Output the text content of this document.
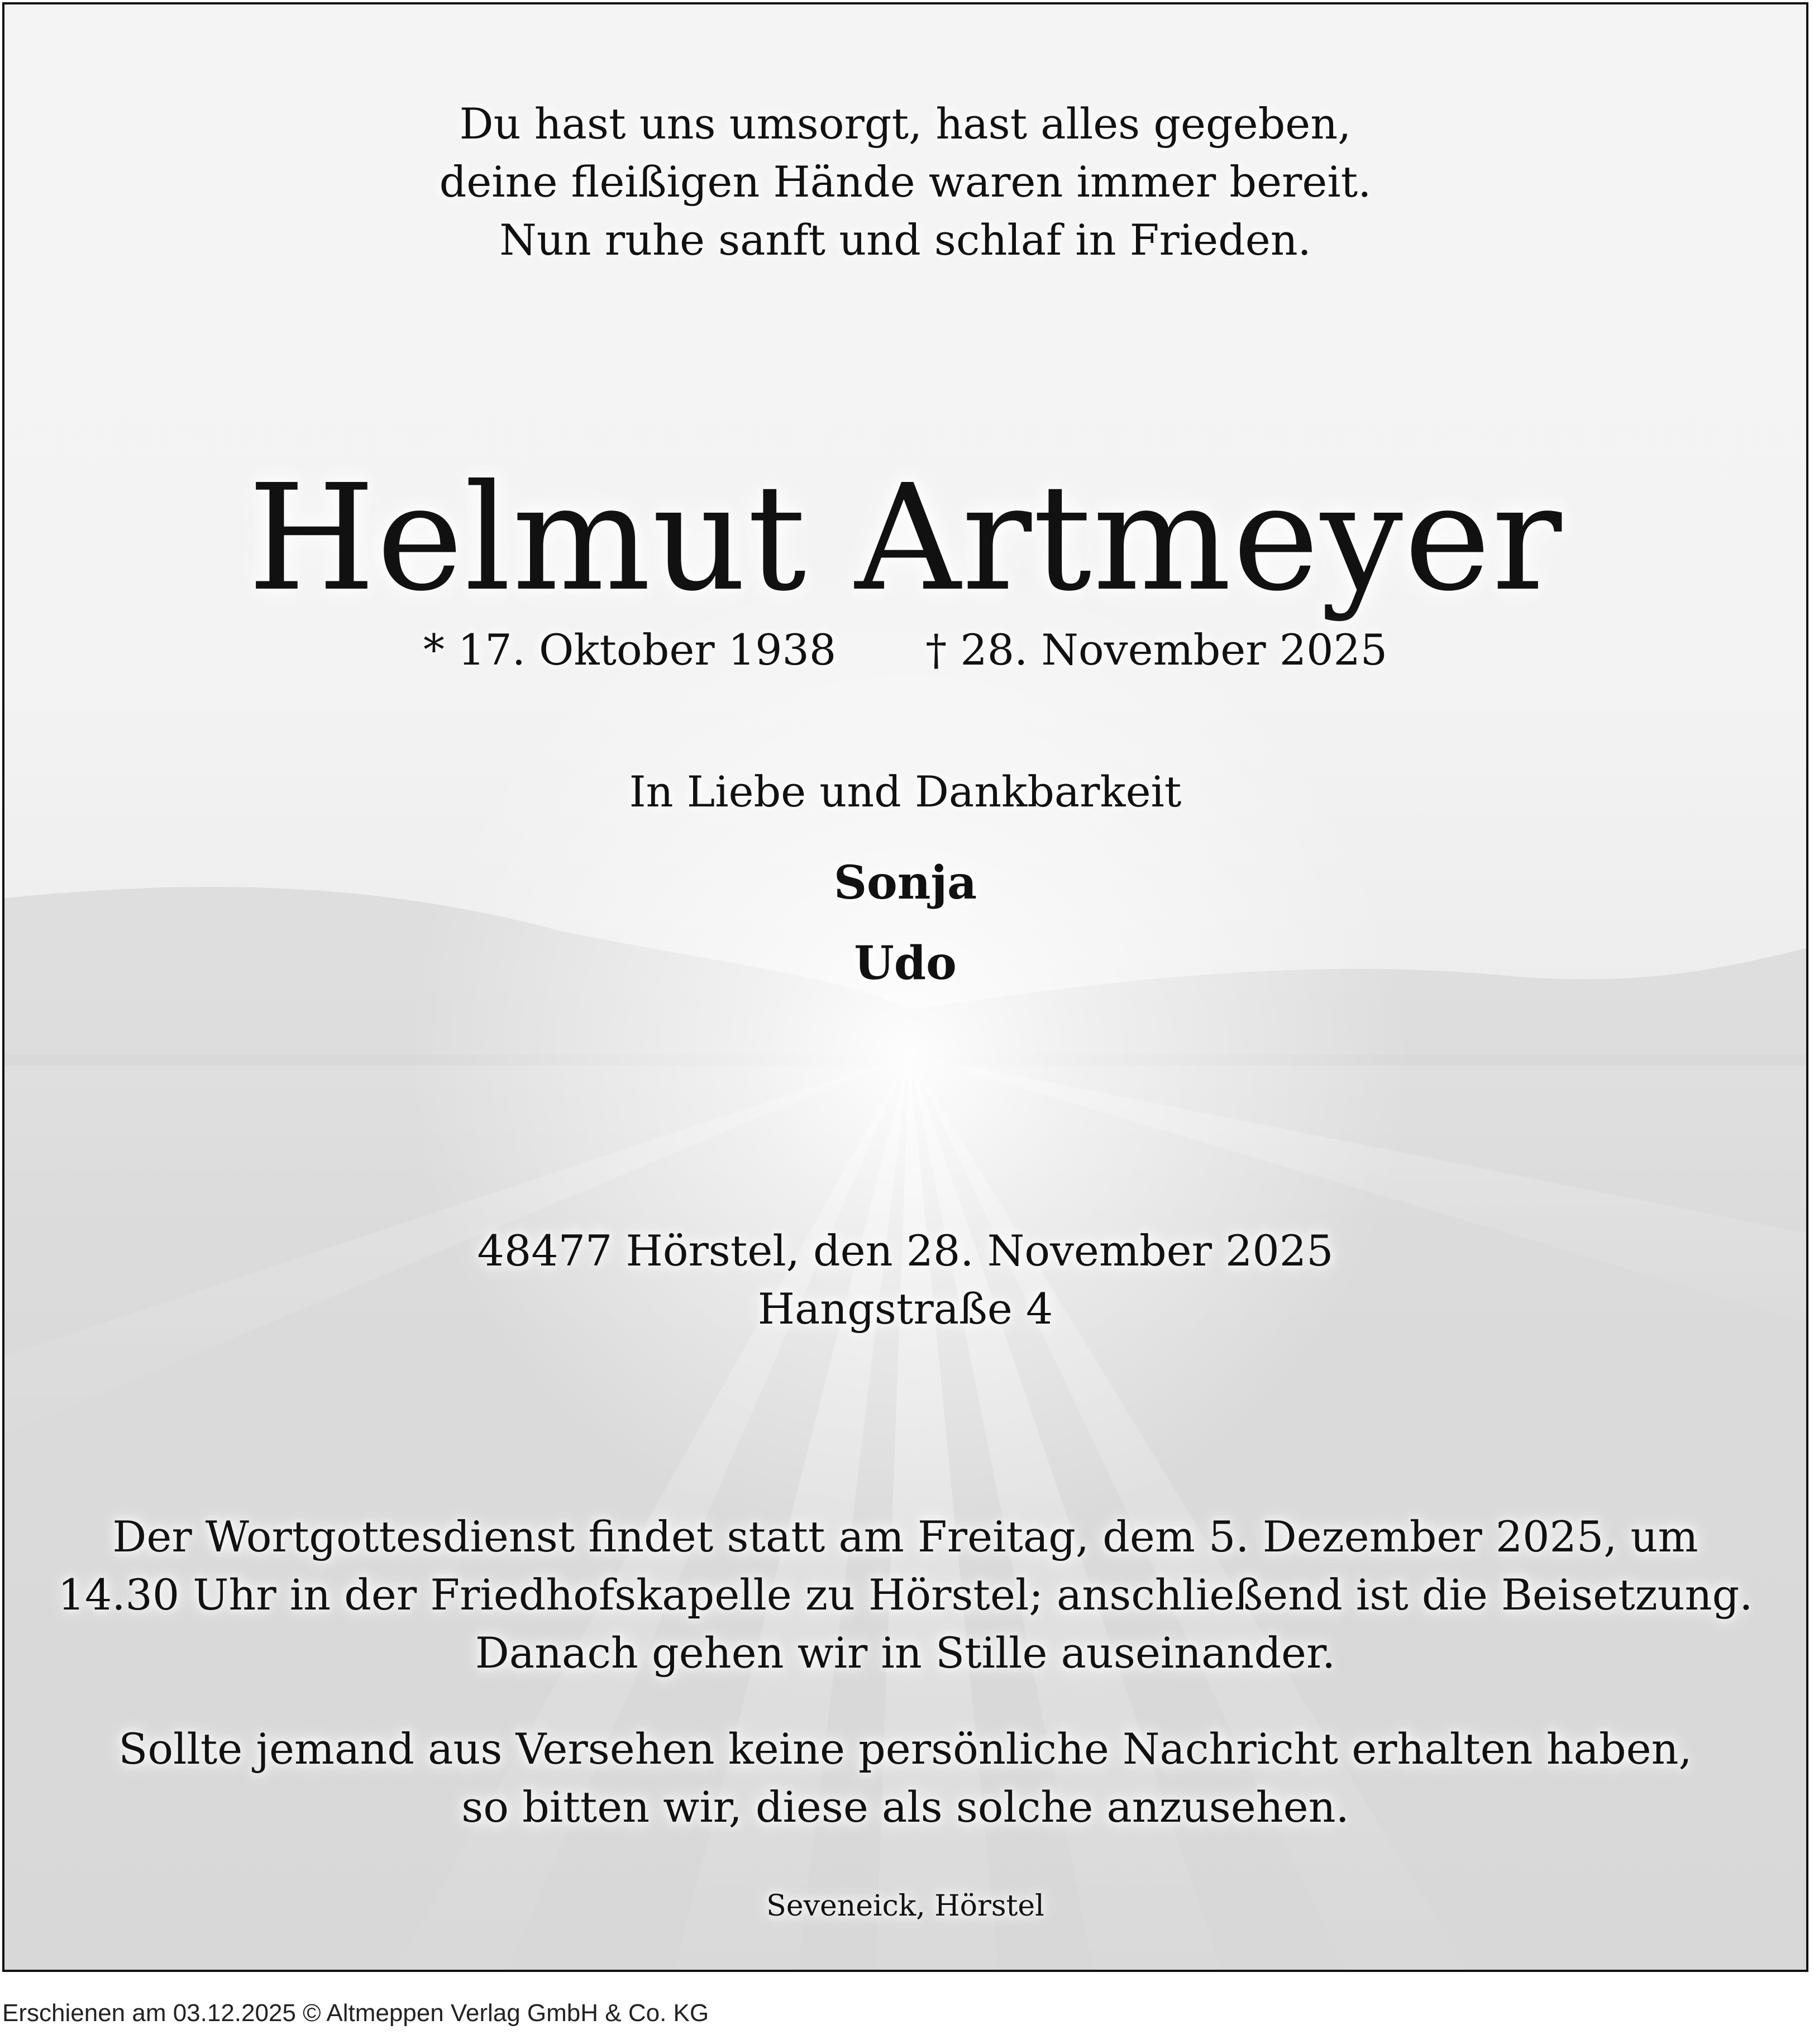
Du hast uns umsorgt, hast alles gegeben,
deine fleißigen Hände waren immer bereit.
Nun ruhe sanft und schlaf in Frieden.
Helmut Artmeyer
* 17. Oktober 1938 † 28. November 2025
In Liebe und Dankbarkeit
Sonja
Udo
48477 Hörstel, den 28. November 2025
Hangstraße 4
Der Wortgottesdienst findet statt am Freitag, dem 5. Dezember 2025, um
14.30 Uhr in der Friedhofskapelle zu Hörstel; anschließend ist die Beisetzung.
Danach gehen wir in Stille auseinander.
Sollte jemand aus Versehen keine persönliche Nachricht erhalten haben,
so bitten wir, diese als solche anzusehen.
Seveneick, Hörstel
Erschienen am 03.12.2025 © Altmeppen Verlag GmbH & Co. KG
